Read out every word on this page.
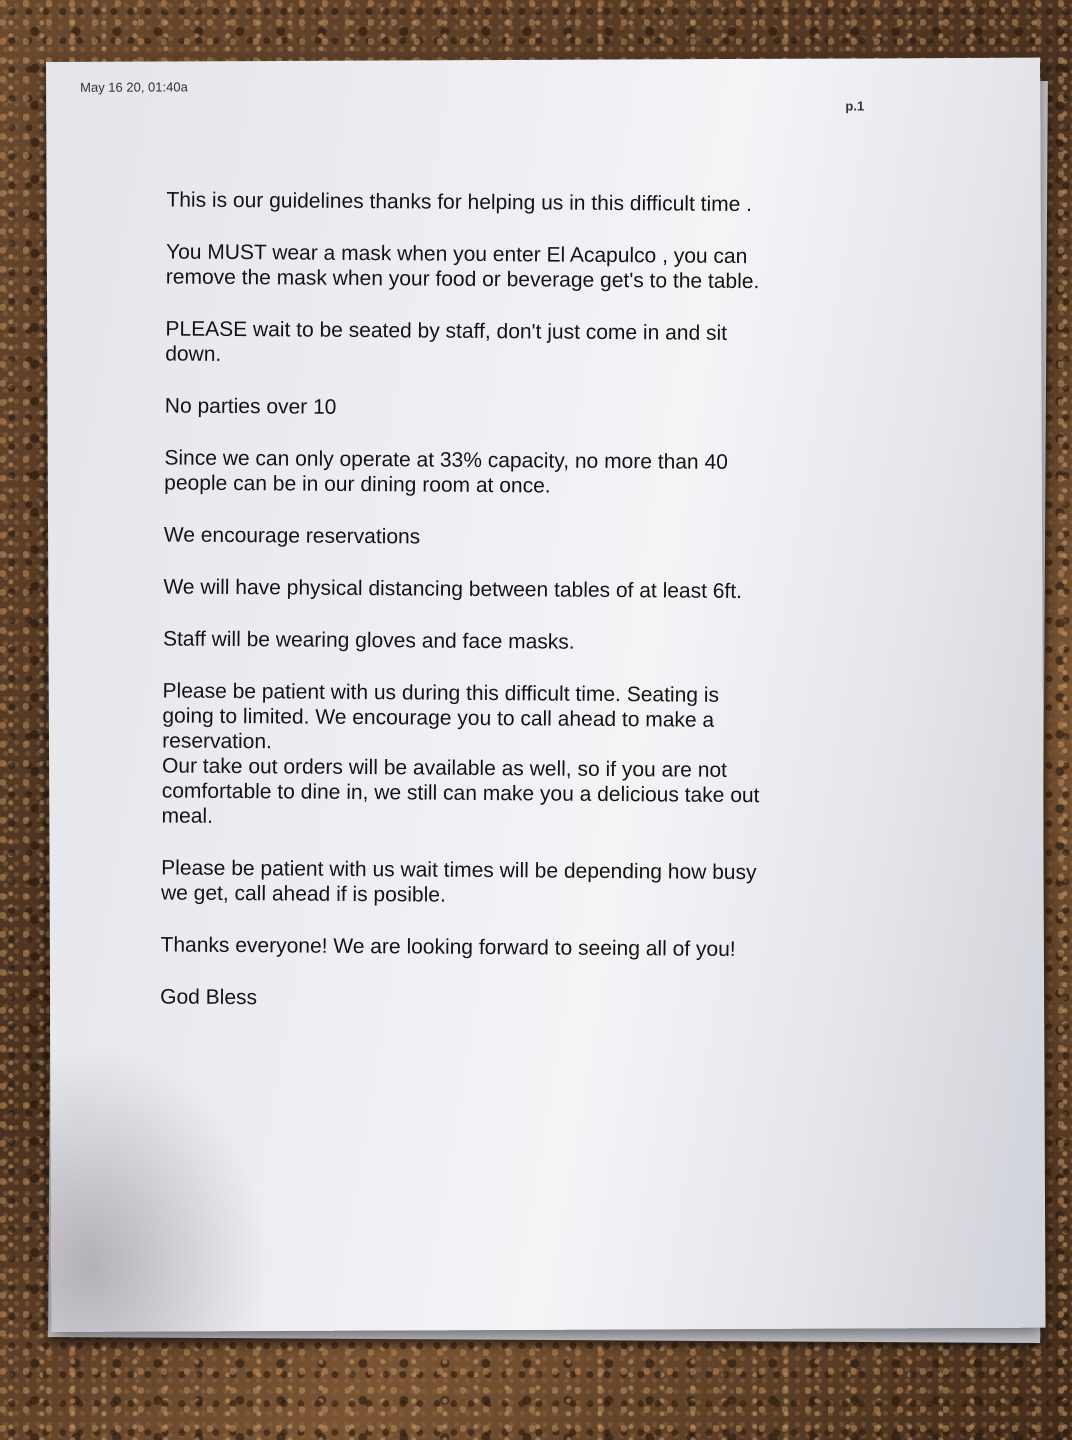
May 16 20, 01:40a
p.1

This is our guidelines thanks for helping us in this difficult time .

You MUST wear a mask when you enter El Acapulco , you can
remove the mask when your food or beverage get's to the table.

PLEASE wait to be seated by staff, don't just come in and sit
down.

No parties over 10

Since we can only operate at 33% capacity, no more than 40
people can be in our dining room at once.

We encourage reservations

We will have physical distancing between tables of at least 6ft.

Staff will be wearing gloves and face masks.

Please be patient with us during this difficult time. Seating is
going to limited. We encourage you to call ahead to make a
reservation.

Our take out orders will be available as well, so if you are not
comfortable to dine in, we still can make you a delicious take out
meal.

Please be patient with us wait times will be depending how busy
we get, call ahead if is posible.

Thanks everyone! We are looking forward to seeing all of you!

God Bless
